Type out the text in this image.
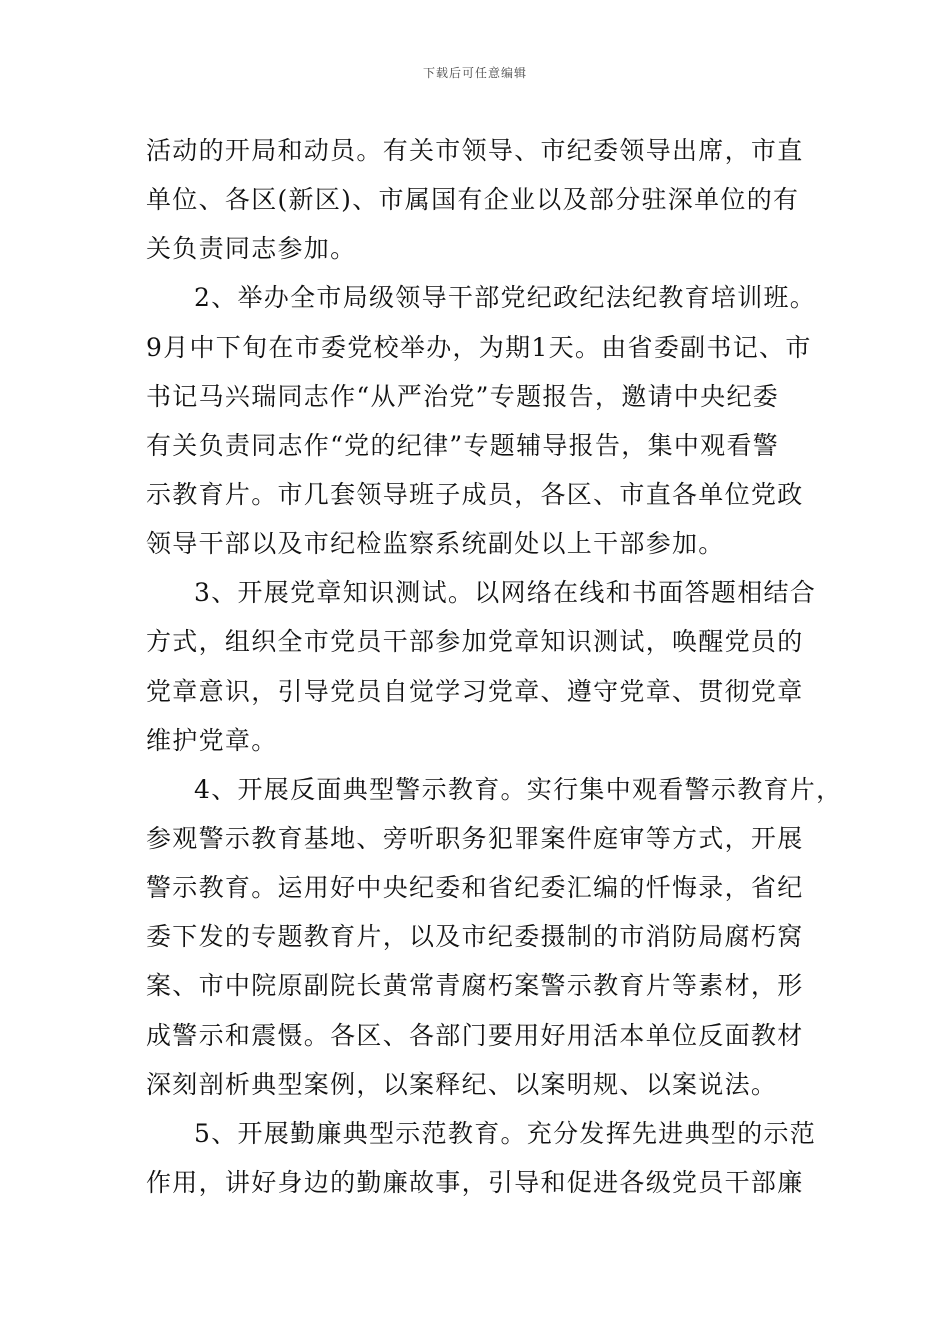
下载后可任意编辑
活动的开局和动员。有关市领导、市纪委领导出席，市直
单位、各区(新区)、市属国有企业以及部分驻深单位的有
关负责同志参加。
2、举办全市局级领导干部党纪政纪法纪教育培训班。
9月中下旬在市委党校举办，为期1天。由省委副书记、市
书记马兴瑞同志作“从严治党”专题报告，邀请中央纪委
有关负责同志作“党的纪律”专题辅导报告，集中观看警
示教育片。市几套领导班子成员，各区、市直各单位党政
领导干部以及市纪检监察系统副处以上干部参加。
3、开展党章知识测试。以网络在线和书面答题相结合
方式，组织全市党员干部参加党章知识测试，唤醒党员的
党章意识，引导党员自觉学习党章、遵守党章、贯彻党章
维护党章。
4、开展反面典型警示教育。实行集中观看警示教育片，
参观警示教育基地、旁听职务犯罪案件庭审等方式，开展
警示教育。运用好中央纪委和省纪委汇编的忏悔录，省纪
委下发的专题教育片，以及市纪委摄制的市消防局腐朽窝
案、市中院原副院长黄常青腐朽案警示教育片等素材，形
成警示和震慑。各区、各部门要用好用活本单位反面教材
深刻剖析典型案例，以案释纪、以案明规、以案说法。
5、开展勤廉典型示范教育。充分发挥先进典型的示范
作用，讲好身边的勤廉故事，引导和促进各级党员干部廉
